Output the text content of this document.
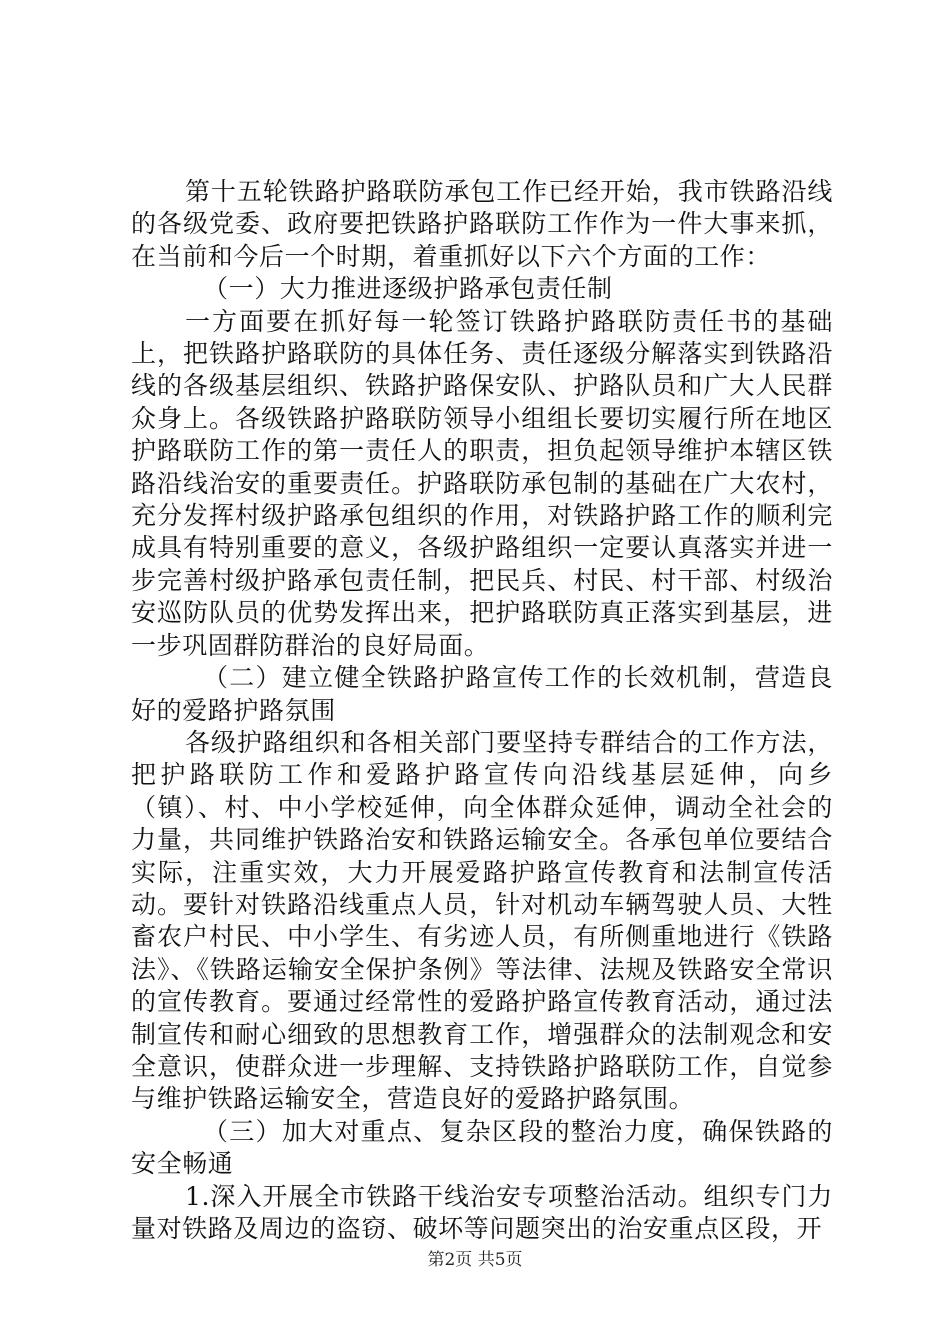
第十五轮铁路护路联防承包工作已经开始，我市铁路沿线的各级党委、政府要把铁路护路联防工作作为一件大事来抓，在当前和今后一个时期，着重抓好以下六个方面的工作：

（一）大力推进逐级护路承包责任制

一方面要在抓好每一轮签订铁路护路联防责任书的基础上，把铁路护路联防的具体任务、责任逐级分解落实到铁路沿线的各级基层组织、铁路护路保安队、护路队员和广大人民群众身上。各级铁路护路联防领导小组组长要切实履行所在地区护路联防工作的第一责任人的职责，担负起领导维护本辖区铁路沿线治安的重要责任。护路联防承包制的基础在广大农村，充分发挥村级护路承包组织的作用，对铁路护路工作的顺利完成具有特别重要的意义，各级护路组织一定要认真落实并进一步完善村级护路承包责任制，把民兵、村民、村干部、村级治安巡防队员的优势发挥出来，把护路联防真正落实到基层，进一步巩固群防群治的良好局面。

（二）建立健全铁路护路宣传工作的长效机制，营造良好的爱路护路氛围

各级护路组织和各相关部门要坚持专群结合的工作方法，把护路联防工作和爱路护路宣传向沿线基层延伸，向乡（镇）、村、中小学校延伸，向全体群众延伸，调动全社会的力量，共同维护铁路治安和铁路运输安全。各承包单位要结合实际，注重实效，大力开展爱路护路宣传教育和法制宣传活动。要针对铁路沿线重点人员，针对机动车辆驾驶人员、大牲畜农户村民、中小学生、有劣迹人员，有所侧重地进行《铁路法》、《铁路运输安全保护条例》等法律、法规及铁路安全常识的宣传教育。要通过经常性的爱路护路宣传教育活动，通过法制宣传和耐心细致的思想教育工作，增强群众的法制观念和安全意识，使群众进一步理解、支持铁路护路联防工作，自觉参与维护铁路运输安全，营造良好的爱路护路氛围。

（三）加大对重点、复杂区段的整治力度，确保铁路的安全畅通

1.深入开展全市铁路干线治安专项整治活动。组织专门力量对铁路及周边的盗窃、破坏等问题突出的治安重点区段，开

第2页 共5页
